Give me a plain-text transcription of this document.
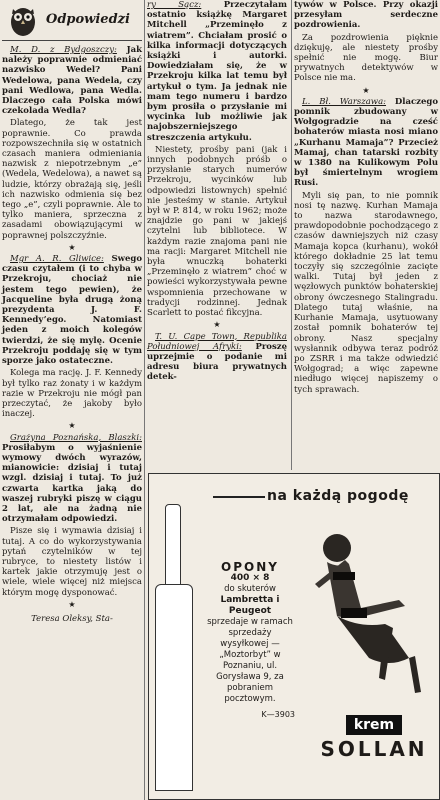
Odpowiedzi

M. D. z Bydgoszczy: Jak należy poprawnie odmieniać nazwisko Wedel? Pani Wedelowa, pana Wedela, czy pani Wedlowa, pana Wedla. Dlaczego cała Polska mówi czekolada Wedla?

Dlatego, że tak jest poprawnie. Co prawda rozpowszechniła się w ostatnich czasach maniera odmieniania nazwisk z niepotrzebnym „e” (Wedela, Wedelowa), a nawet są ludzie, którzy obrażają się, jeśli ich nazwisko odmienia się bez tego „e”, czyli poprawnie. Ale to tylko maniera, sprzeczna z zasadami obowiązującymi w poprawnej polszczyźnie.

★

Mgr A. R. Gliwice: Swego czasu czytałem (i to chyba w Przekroju, chociaż nie jestem tego pewien), że Jacqueline była drugą żoną prezydenta J. F. Kennedy’ego. Natomiast jeden z moich kolegów twierdzi, że się mylę. Ocenie Przekroju poddaję się w tym sporze jako ostateczne.

Kolega ma rację. J. F. Kennedy był tylko raz żonaty i w każdym razie w Przekroju nie mógł pan przeczytać, że jakoby było inaczej.

★

Grażyna Poznańska, Blaszki: Prosiłabym o wyjaśnienie wymowy dwóch wyrazów, mianowicie: dzisiaj i tutaj wzgl. dzisiaj i tutaj. To już czwarta kartka jaką do waszej rubryki piszę w ciągu 2 lat, ale na żadną nie otrzymałam odpowiedzi.

Pisze się i wymawia dzisiaj i tutaj. A co do wykorzystywania pytań czytelników w tej rubryce, to niestety listów i kartek jakie otrzymuję jest o wiele, wiele więcej niż miejsca którym mogę dysponować.

★
Teresa Oleksy, Sta-

ry Sącz:	Przeczytałam ostatnio książkę Margaret Mitchell „Przeminęło z wiatrem”. Chciałam prosić o kilka informacji dotyczących książki i autorki. Dowiedziałam się, że w Przekroju kilka lat temu był artykuł o tym. Ja jednak nie mam tego numeru i bardzo bym prosiła o przysłanie mi wycinka lub możliwie jak najobszerniejszego streszczenia artykułu.

Niestety, prośby pani (jak i innych podobnych próśb o przysłanie starych numerów Przekroju, wycinków lub odpowiedzi listownych) spełnić nie jesteśmy w stanie. Artykuł był w P. 814, w roku 1962; może znajdzie go pani w jakiejś czytelni lub bibliotece. W każdym razie znajoma pani nie ma racji: Margaret Mitchell nie była wnuczką bohaterki „Przeminęło z wiatrem” choć w powieści wykorzystywała pewne wspomnienia przechowane w tradycji rodzinnej. Jednak Scarlett to postać fikcyjna.

★

T. U. Cape Town, Republika Południowej Afryki: Proszę uprzejmie o podanie mi adresu biura prywatnych detek-

tywów w Polsce. Przy okazji przesyłam serdeczne pozdrowienia.

Za pozdrowienia pięknie dziękuję, ale niestety prośby spełnić nie mogę. Biur prywatnych detektywów w Polsce nie ma.

★

L. Bł. Warszawa: Dlaczego pomnik zbudowany w Wołgogradzie na cześć bohaterów miasta nosi miano „Kurhanu Mamaja”? Przecież Mamaj, chan tatarski rozbity w 1380 na Kulikowym Polu był śmiertelnym wrogiem Rusi.

Myli się pan, to nie pomnik nosi tę nazwę. Kurhan Mamaja to nazwa starodawnego, prawdopodobnie pochodzącego z czasów dawniejszych niż czasy Mamaja kopca (kurhanu), wokół którego dokładnie 25 lat temu toczyły się szczególnie zacięte walki. Tutaj był jeden z węzłowych punktów bohaterskiej obrony ówczesnego Stalingradu. Dlatego tutaj właśnie, na Kurhanie Mamaja, usytuowany został pomnik bohaterów tej obrony. Nasz specjalny wysłannik odbywa teraz podróż po ZSRR i ma także odwiedzić Wołgograd; a więc zapewne niedługo więcej napiszemy o tych sprawach.

na każdą pogodę
OPONY
400 × 8
do skuterów
Lambretta i Peugeot
sprzedaje w ramach sprzedaży wysyłkowej — „Moztorbyt” w Poznaniu, ul. Gorysława 9, za pobraniem pocztowym.
K—3903
krem
SOLLAN
